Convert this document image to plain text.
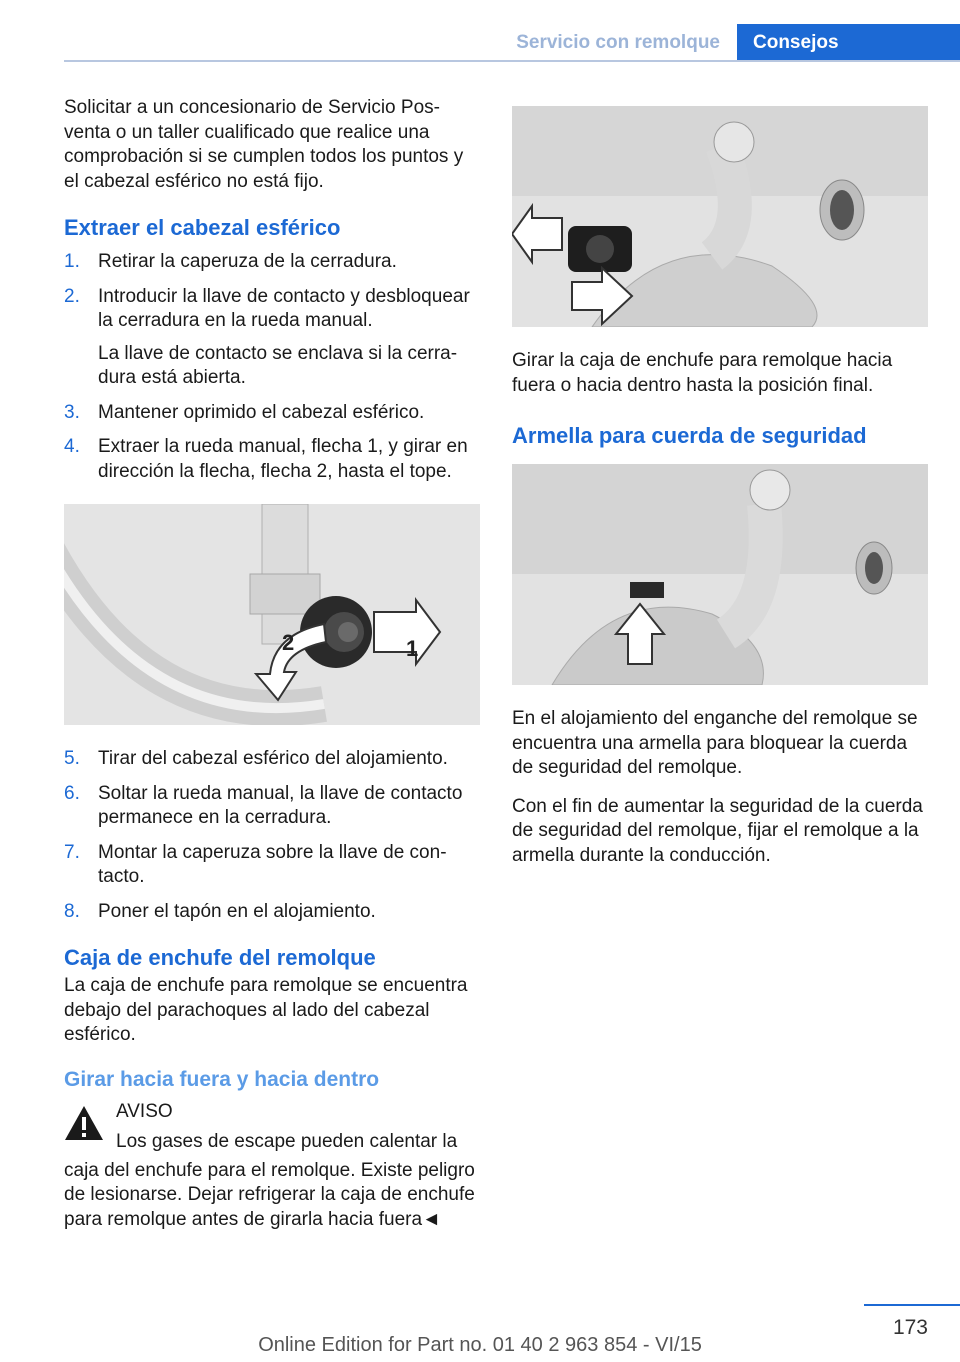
Servicio con remolque	Consejos

Solicitar a un concesionario de Servicio Posventa o un taller cualificado que realice una comprobación si se cumplen todos los puntos y el cabezal esférico no está fijo.

Extraer el cabezal esférico
1. Retirar la caperuza de la cerradura.
2. Introducir la llave de contacto y desbloquear la cerradura en la rueda manual.
La llave de contacto se enclava si la cerradura está abierta.
3. Mantener oprimido el cabezal esférico.
4. Extraer la rueda manual, flecha 1, y girar en dirección la flecha, flecha 2, hasta el tope.
2	1
5. Tirar del cabezal esférico del alojamiento.
6. Soltar la rueda manual, la llave de contacto permanece en la cerradura.
7. Montar la caperuza sobre la llave de contacto.
8. Poner el tapón en el alojamiento.
Caja de enchufe del remolque

La caja de enchufe para remolque se encuentra debajo del parachoques al lado del cabezal esférico.

Girar hacia fuera y hacia dentro
AVISO
Los gases de escape pueden calentar la

caja del enchufe para el remolque. Existe peligro de lesionarse. Dejar refrigerar la caja de enchufe para remolque antes de girarla hacia fuera◄

Girar la caja de enchufe para remolque hacia fuera o hacia dentro hasta la posición final.

Armella para cuerda de seguridad

En el alojamiento del enganche del remolque se encuentra una armella para bloquear la cuerda de seguridad del remolque.

Con el fin de aumentar la seguridad de la cuerda de seguridad del remolque, fijar el remolque a la armella durante la conducción.

173
Online Edition for Part no. 01 40 2 963 854 - VI/15
